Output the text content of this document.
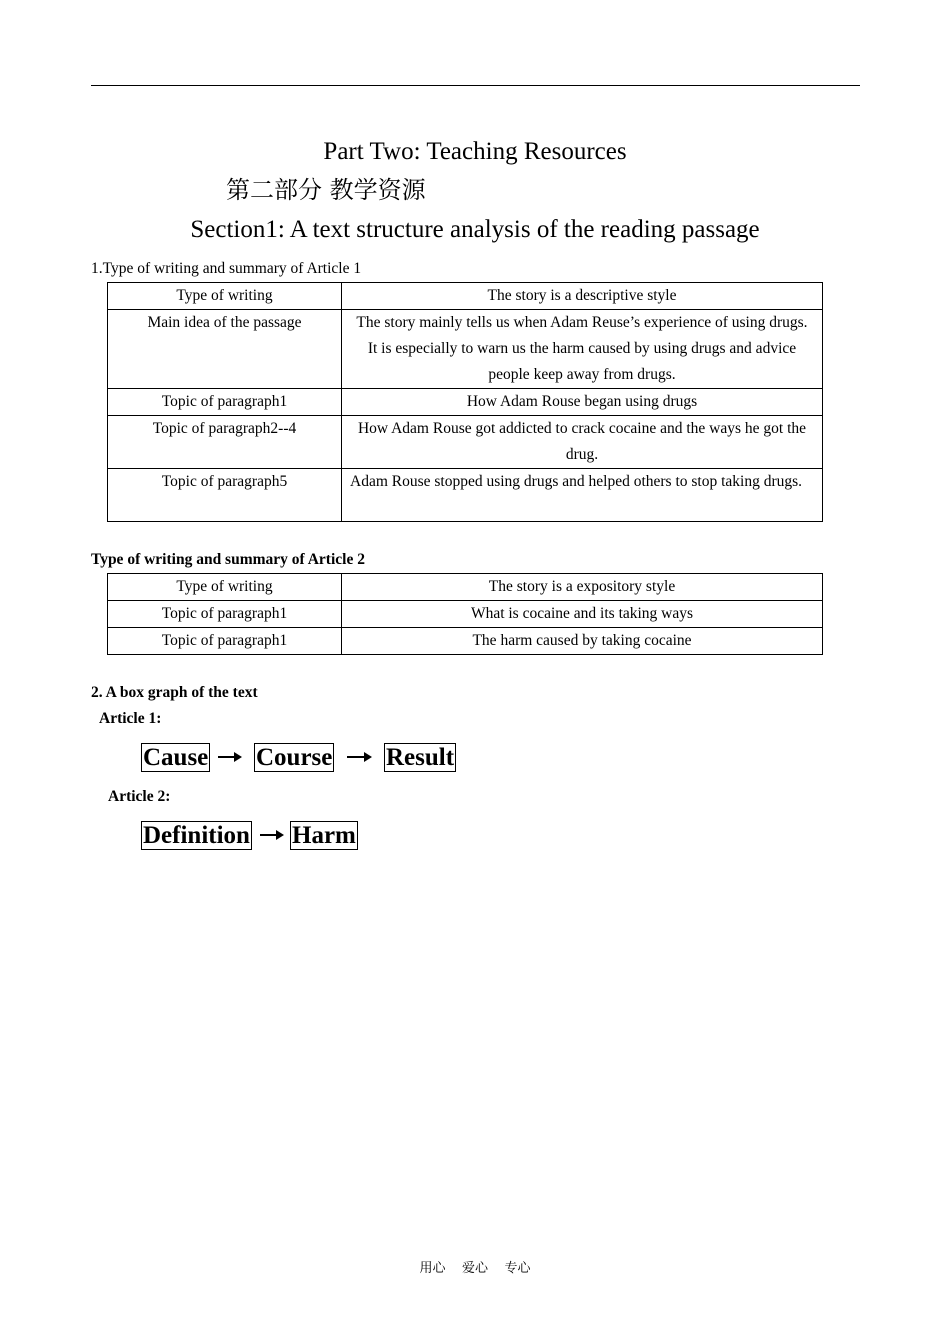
Part Two: Teaching Resources
第二部分 教学资源
Section1: A text structure analysis of the reading passage
1.Type of writing and summary of Article 1
Type of writing	The story is a descriptive style
Main idea of the passage	The story mainly tells us when Adam Reuse’s experience of using drugs. It is especially to warn us the harm caused by using drugs and advice people keep away from drugs.
Topic of paragraph1	How Adam Rouse began using drugs
Topic of paragraph2--4	How Adam Rouse got addicted to crack cocaine and the ways he got the drug.
Topic of paragraph5	Adam Rouse stopped using drugs and helped others to stop taking drugs.
Type of writing and summary of Article 2
Type of writing	The story is a expository style
Topic of paragraph1	What is cocaine and its taking ways
Topic of paragraph1	The harm caused by taking cocaine
2. A box graph of the text
Article 1:
Cause Course Result
Article 2:
Definition Harm
用心    爱心    专心
